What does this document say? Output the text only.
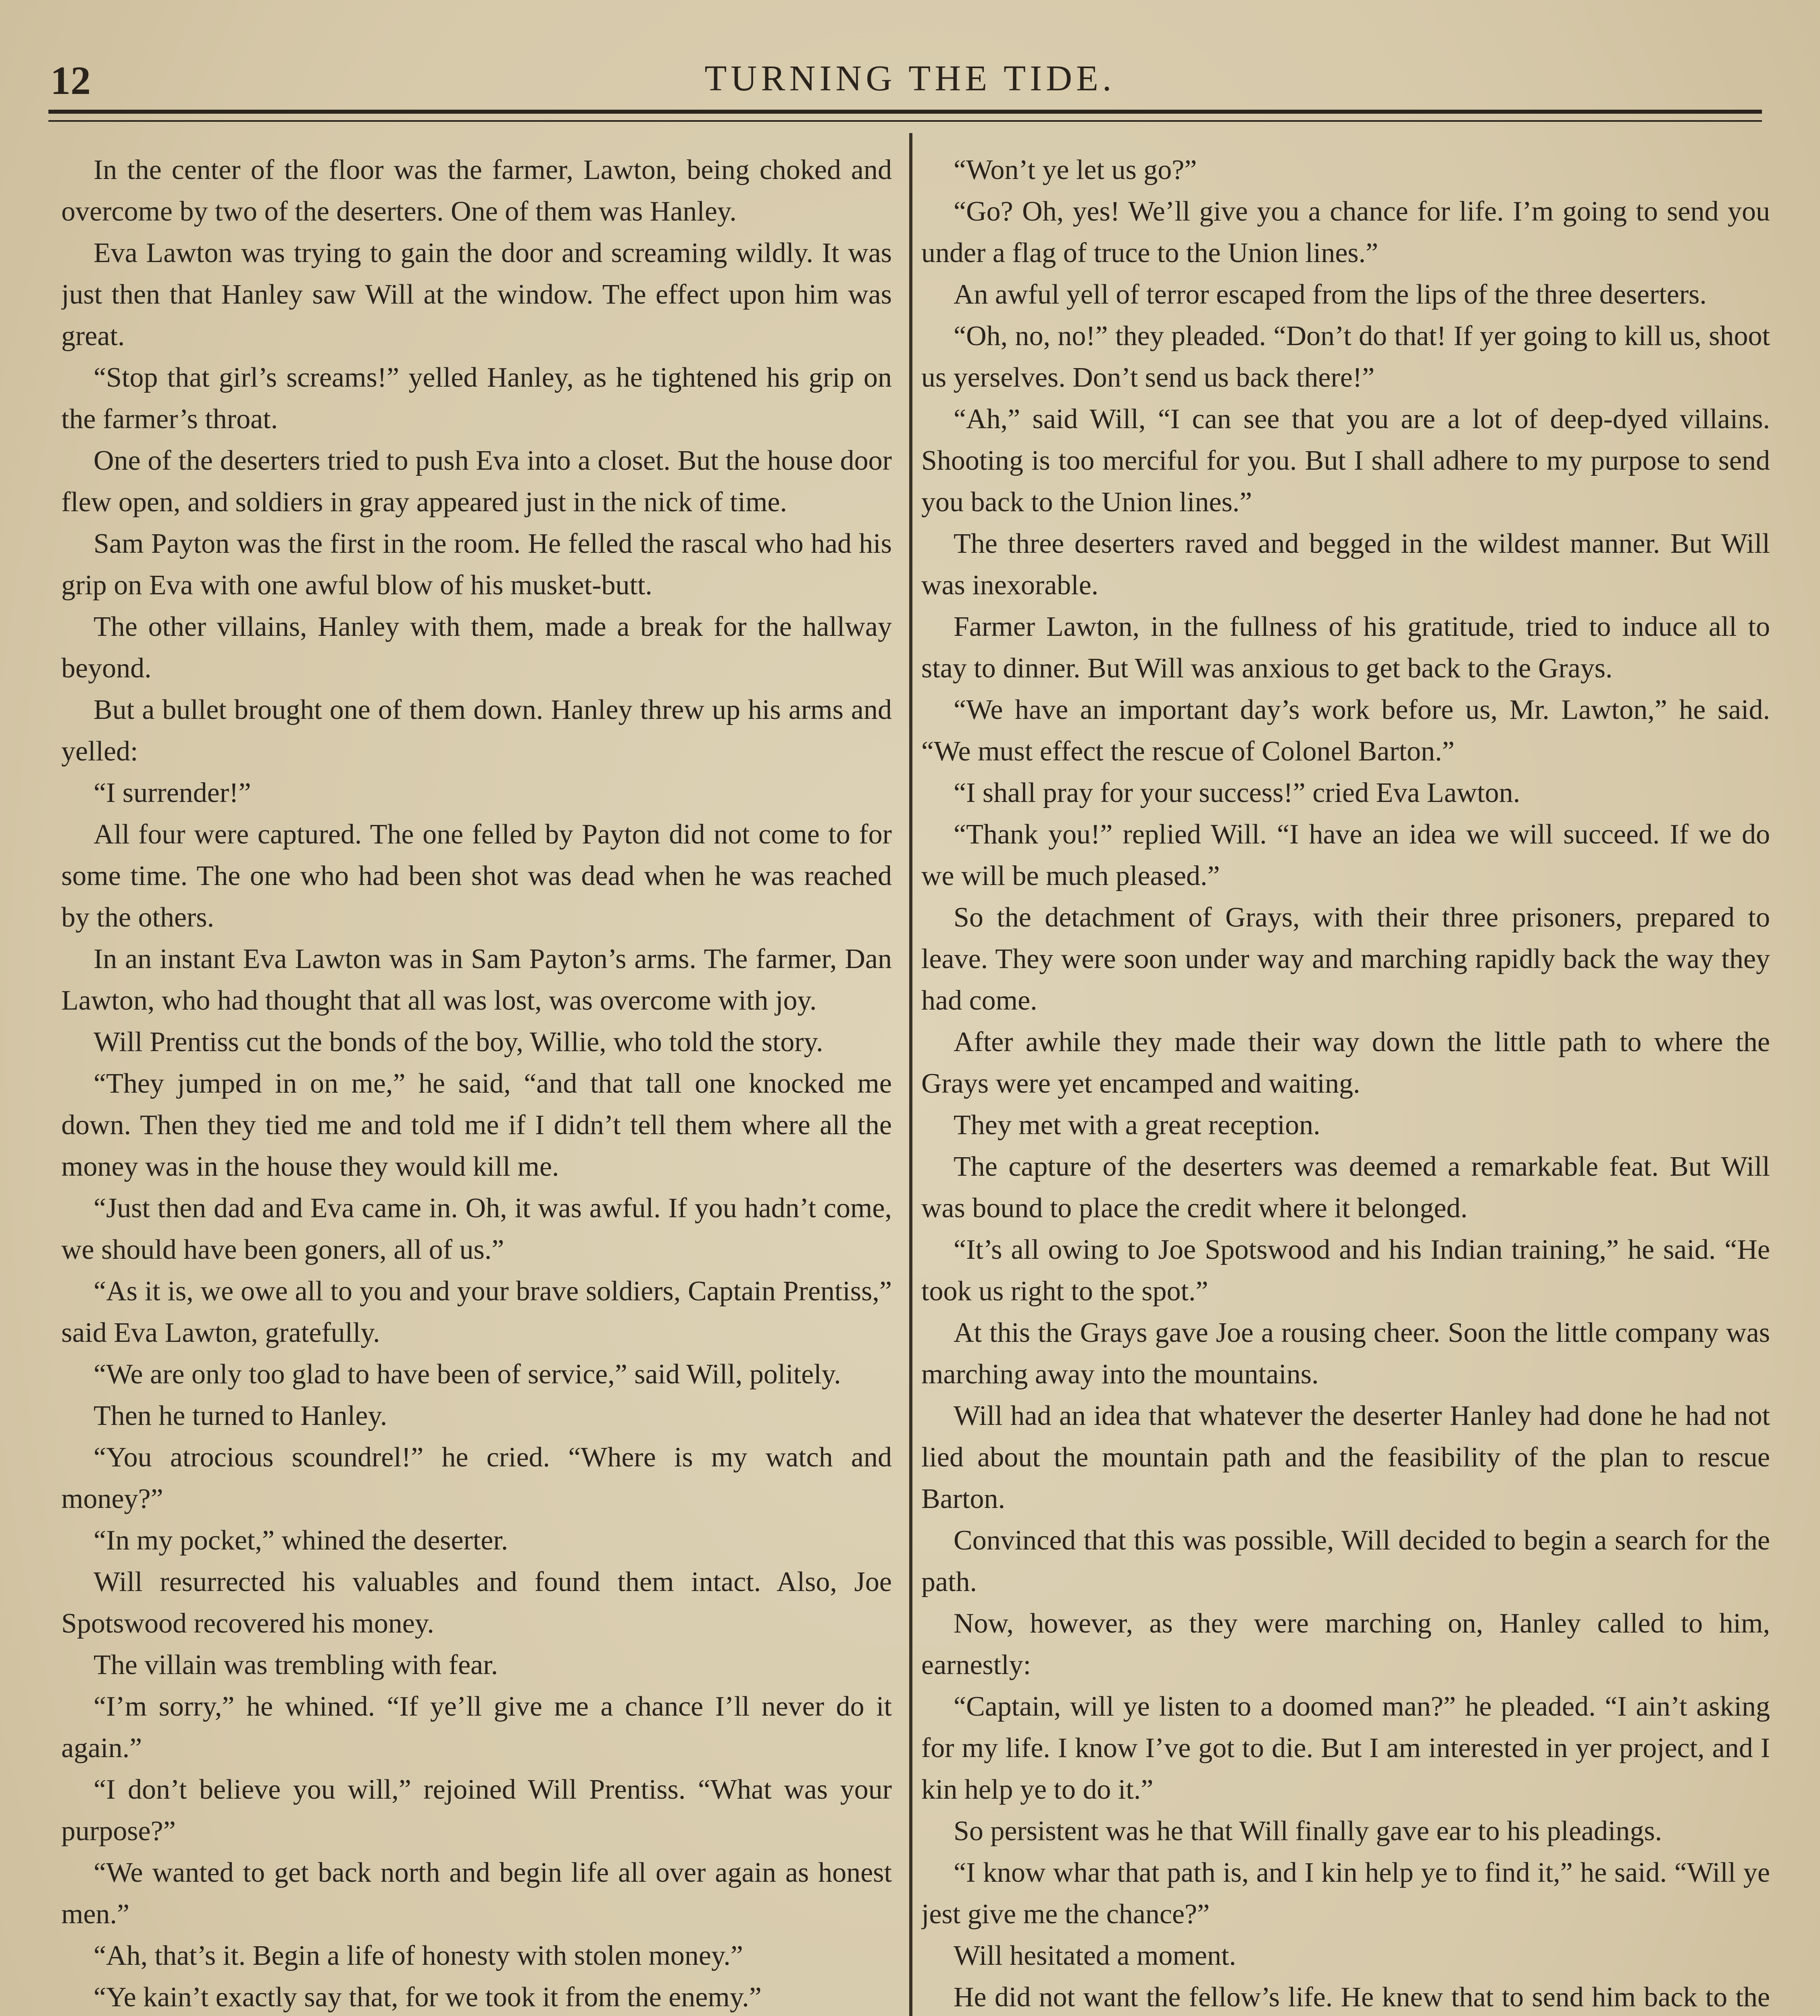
12	TURNING THE TIDE.

In the center of the floor was the farmer, Lawton, being choked and overcome by two of the deserters. One of them was Hanley.

Eva Lawton was trying to gain the door and screaming wildly. It was just then that Hanley saw Will at the window. The effect upon him was great.

“Stop that girl’s screams!” yelled Hanley, as he tightened his grip on the farmer’s throat.

One of the deserters tried to push Eva into a closet. But the house door flew open, and soldiers in gray appeared just in the nick of time.

Sam Payton was the first in the room. He felled the rascal who had his grip on Eva with one awful blow of his musket-butt.

The other villains, Hanley with them, made a break for the hallway beyond.

But a bullet brought one of them down. Hanley threw up his arms and yelled:

“I surrender!”

All four were captured. The one felled by Payton did not come to for some time. The one who had been shot was dead when he was reached by the others.

In an instant Eva Lawton was in Sam Payton’s arms. The farmer, Dan Lawton, who had thought that all was lost, was overcome with joy.

Will Prentiss cut the bonds of the boy, Willie, who told the story.

“They jumped in on me,” he said, “and that tall one knocked me down. Then they tied me and told me if I didn’t tell them where all the money was in the house they would kill me.

“Just then dad and Eva came in. Oh, it was awful. If you hadn’t come, we should have been goners, all of us.”

“As it is, we owe all to you and your brave soldiers, Captain Prentiss,” said Eva Lawton, gratefully.

“We are only too glad to have been of service,” said Will, politely.

Then he turned to Hanley.

“You atrocious scoundrel!” he cried. “Where is my watch and money?”

“In my pocket,” whined the deserter.

Will resurrected his valuables and found them intact. Also, Joe Spotswood recovered his money.

The villain was trembling with fear.

“I’m sorry,” he whined. “If ye’ll give me a chance I’ll never do it again.”

“I don’t believe you will,” rejoined Will Prentiss. “What was your purpose?”

“We wanted to get back north and begin life all over again as honest men.”

“Ah, that’s it. Begin a life of honesty with stolen money.”

“Ye kain’t exactly say that, for we took it from the enemy.”

“Won’t ye let us go?”

“Go? Oh, yes! We’ll give you a chance for life. I’m going to send you under a flag of truce to the Union lines.”

An awful yell of terror escaped from the lips of the three deserters.

“Oh, no, no!” they pleaded. “Don’t do that! If yer going to kill us, shoot us yerselves. Don’t send us back there!”

“Ah,” said Will, “I can see that you are a lot of deep-dyed villains. Shooting is too merciful for you. But I shall adhere to my purpose to send you back to the Union lines.”

The three deserters raved and begged in the wildest manner. But Will was inexorable.

Farmer Lawton, in the fullness of his gratitude, tried to induce all to stay to dinner. But Will was anxious to get back to the Grays.

“We have an important day’s work before us, Mr. Lawton,” he said. “We must effect the rescue of Colonel Barton.”

“I shall pray for your success!” cried Eva Lawton.

“Thank you!” replied Will. “I have an idea we will succeed. If we do we will be much pleased.”

So the detachment of Grays, with their three prisoners, prepared to leave. They were soon under way and marching rapidly back the way they had come.

After awhile they made their way down the little path to where the Grays were yet encamped and waiting.

They met with a great reception.

The capture of the deserters was deemed a remarkable feat. But Will was bound to place the credit where it belonged.

“It’s all owing to Joe Spotswood and his Indian training,” he said. “He took us right to the spot.”

At this the Grays gave Joe a rousing cheer. Soon the little company was marching away into the mountains.

Will had an idea that whatever the deserter Hanley had done he had not lied about the mountain path and the feasibility of the plan to rescue Barton.

Convinced that this was possible, Will decided to begin a search for the path.

Now, however, as they were marching on, Hanley called to him, earnestly:

“Captain, will ye listen to a doomed man?” he pleaded. “I ain’t asking for my life. I know I’ve got to die. But I am interested in yer project, and I kin help ye to do it.”

So persistent was he that Will finally gave ear to his pleadings.

“I know whar that path is, and I kin help ye to find it,” he said. “Will ye jest give me the chance?”

Will hesitated a moment.

He did not want the fellow’s life. He knew that to send him back to the
